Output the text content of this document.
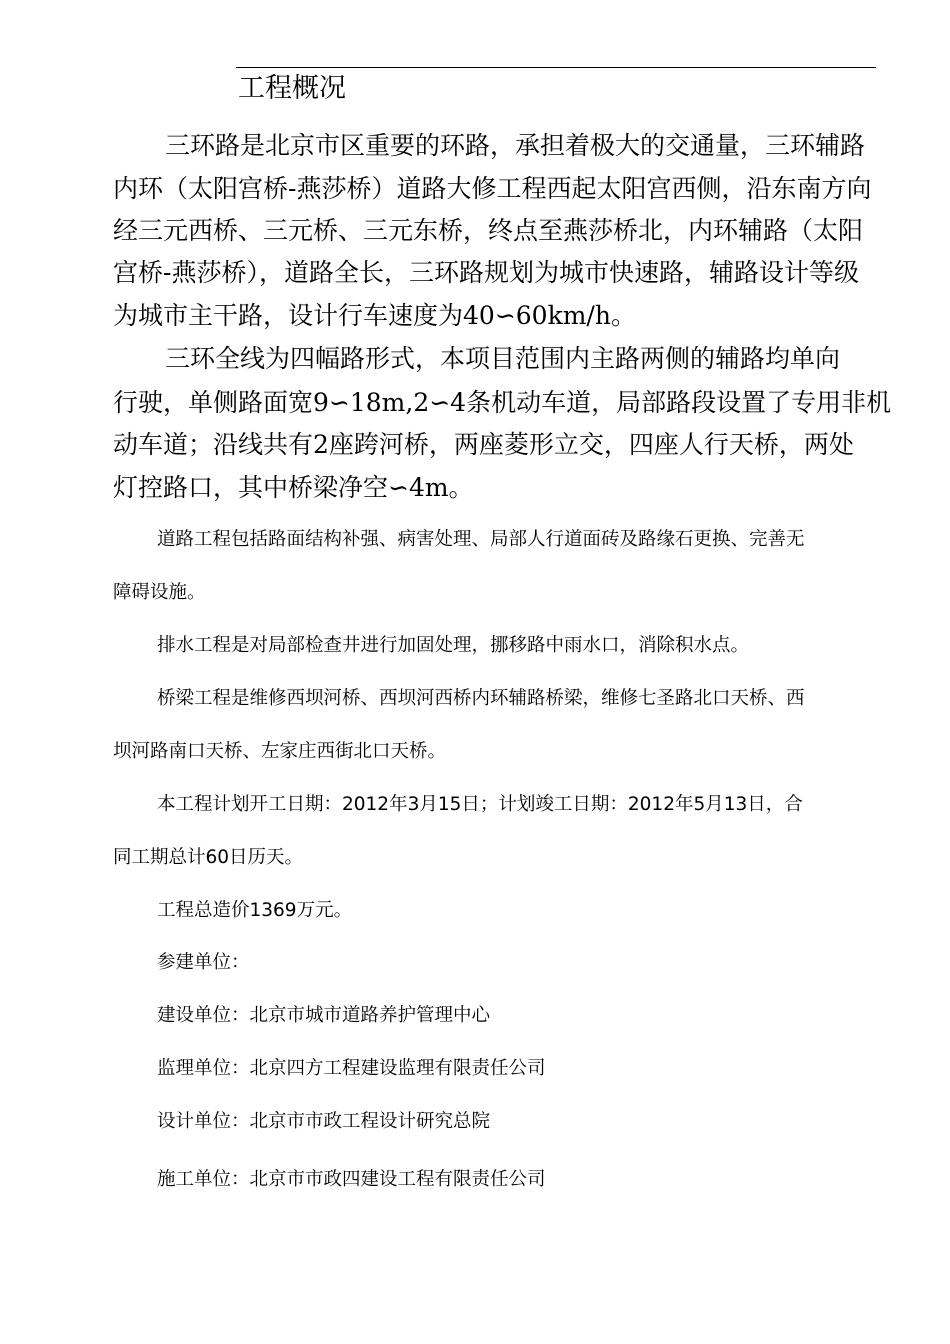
工程概况
三环路是北京市区重要的环路，承担着极大的交通量，三环辅路
内环（太阳宫桥-燕莎桥）道路大修工程西起太阳宫西侧，沿东南方向
经三元西桥、三元桥、三元东桥，终点至燕莎桥北，内环辅路（太阳
宫桥-燕莎桥），道路全长，三环路规划为城市快速路，辅路设计等级
为城市主干路，设计行车速度为40∽60km/h。
三环全线为四幅路形式，本项目范围内主路两侧的辅路均单向
行驶，单侧路面宽9∽18m,2∽4条机动车道，局部路段设置了专用非机
动车道；沿线共有2座跨河桥，两座菱形立交，四座人行天桥，两处
灯控路口，其中桥梁净空∽4m。
道路工程包括路面结构补强、病害处理、局部人行道面砖及路缘石更换、完善无
障碍设施。
排水工程是对局部检查井进行加固处理，挪移路中雨水口，消除积水点。
桥梁工程是维修西坝河桥、西坝河西桥内环辅路桥梁，维修七圣路北口天桥、西
坝河路南口天桥、左家庄西街北口天桥。
本工程计划开工日期：2012年3月15日；计划竣工日期：2012年5月13日，合
同工期总计60日历天。
工程总造价1369万元。
参建单位：
建设单位：北京市城市道路养护管理中心
监理单位：北京四方工程建设监理有限责任公司
设计单位：北京市市政工程设计研究总院
施工单位：北京市市政四建设工程有限责任公司
